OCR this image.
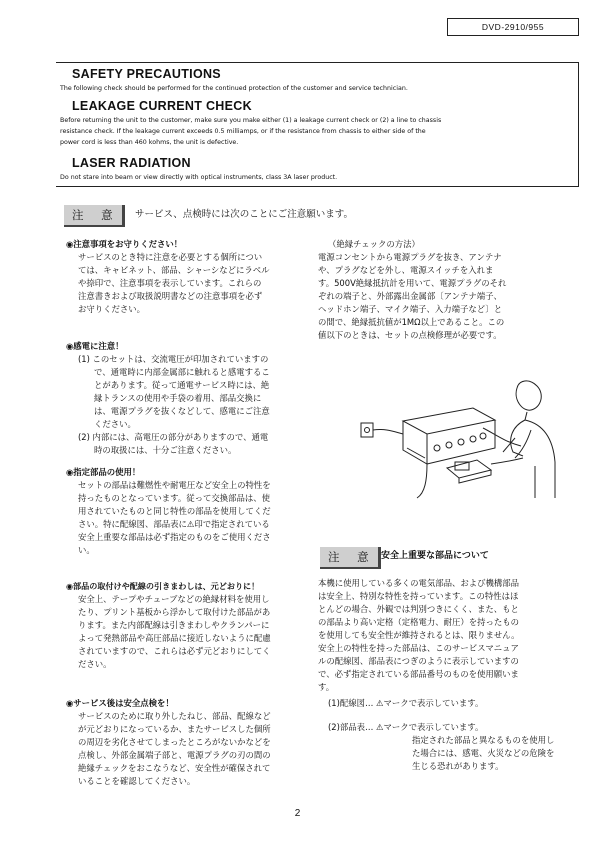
DVD-2910/955
SAFETY PRECAUTIONS
The following check should be performed for the continued protection of the customer and service technician.
LEAKAGE CURRENT CHECK
Before returning the unit to the customer, make sure you make either (1) a leakage current check or (2) a line to chassis
resistance check. If the leakage current exceeds 0.5 milliamps, or if the resistance from chassis to either side of the
power cord is less than 460 kohms, the unit is defective.
LASER RADIATION
Do not stare into beam or view directly with optical instruments, class 3A laser product.
注 意	サービス、点検時には次のことにご注意願います。
◉注意事項をお守りください！
サービスのとき特に注意を必要とする個所につい
ては、キャビネット、部品、シャーシなどにラベル
や捺印で、注意事項を表示しています。これらの
注意書きおよび取扱説明書などの注意事項を必ず
お守りください。
◉感電に注意！
(1) このセットは、交流電圧が印加されていますの
で、通電時に内部金属部に触れると感電するこ
とがあります。従って通電サービス時には、絶
縁トランスの使用や手袋の着用、部品交換に
は、電源プラグを抜くなどして、感電にご注意
ください。
(2) 内部には、高電圧の部分がありますので、通電
時の取扱には、十分ご注意ください。
◉指定部品の使用！
セットの部品は難燃性や耐電圧など安全上の特性を
持ったものとなっています。従って交換部品は、使
用されていたものと同じ特性の部品を使用してくだ
さい。特に配線図、部品表に⚠印で指定されている
安全上重要な部品は必ず指定のものをご使用くださ
い。
◉部品の取付けや配線の引きまわしは、元どおりに！
安全上、テープやチューブなどの絶縁材料を使用し
たり、プリント基板から浮かして取付けた部品があ
ります。また内部配線は引きまわしやクランパーに
よって発熱部品や高圧部品に接近しないように配慮
されていますので、これらは必ず元どおりにしてく
ださい。
◉サービス後は安全点検を！
サービスのために取り外したねじ、部品、配線など
が元どおりになっているか、またサービスした個所
の周辺を劣化させてしまったところがないかなどを
点検し、外部金属端子部と、電源プラグの刃の間の
絶縁チェックをおこなうなど、安全性が確保されて
いることを確認してください。
（絶縁チェックの方法）
電源コンセントから電源プラグを抜き、アンテナ
や、プラグなどを外し、電源スイッチを入れま
す。500V絶縁抵抗計を用いて、電源プラグのそれ
ぞれの端子と、外部露出金属部〔アンテナ端子、
ヘッドホン端子、マイク端子、入力端子など〕と
の間で、絶縁抵抗値が1MΩ以上であること。この
値以下のときは、セットの点検修理が必要です。
注 意 安全上重要な部品について
本機に使用している多くの電気部品、および機構部品
は安全上、特別な特性を持っています。この特性はほ
とんどの場合、外観では判別つきにくく、また、もと
の部品より高い定格（定格電力、耐圧）を持ったもの
を使用しても安全性が維持されるとは、限りません。
安全上の特性を持った部品は、このサービスマニュア
ルの配線図、部品表につぎのように表示していますの
で、必ず指定されている部品番号のものを使用願いま
す。
(1)配線図… ⚠マークで表示しています。
(2)部品表… ⚠マークで表示しています。
指定された部品と異なるものを使用し
た場合には、感電、火災などの危険を
生じる恐れがあります。
2
